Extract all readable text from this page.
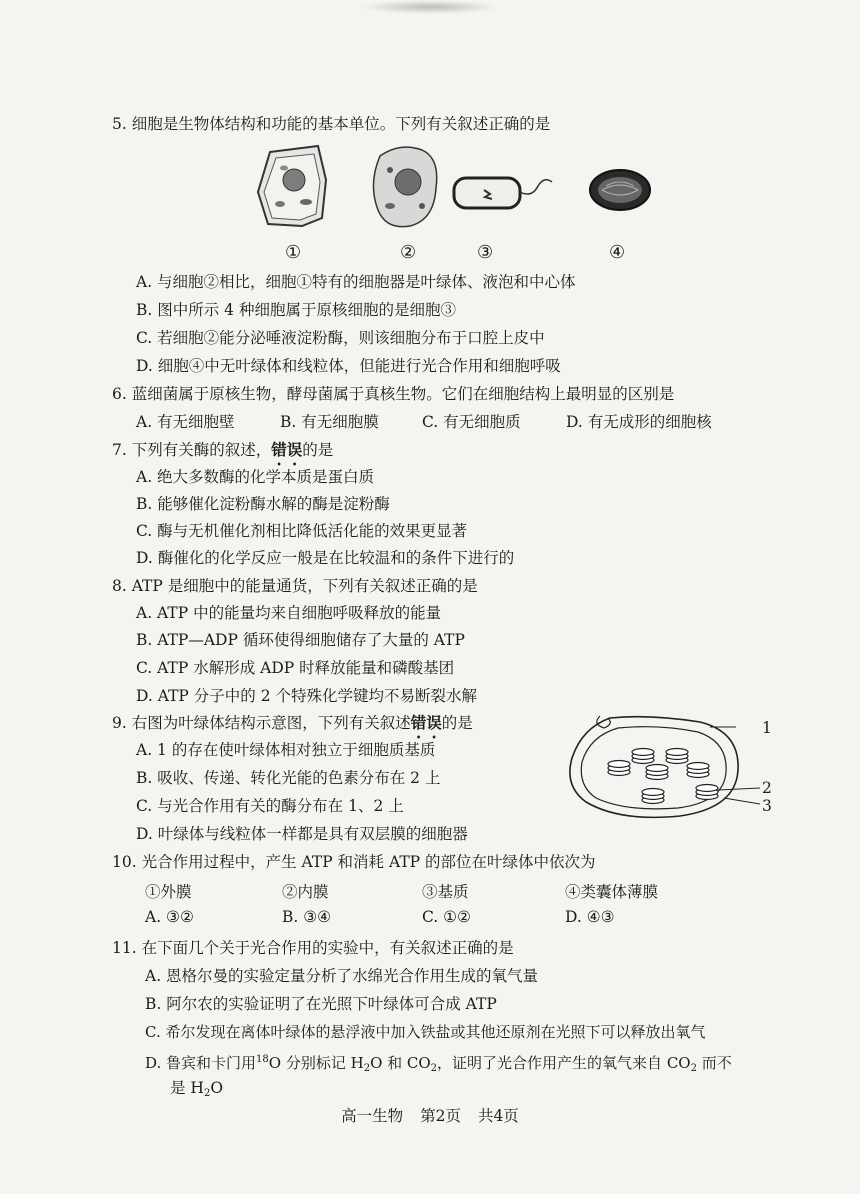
5. 细胞是生物体结构和功能的基本单位。下列有关叙述正确的是
①	②	③	④
A. 与细胞②相比，细胞①特有的细胞器是叶绿体、液泡和中心体
B. 图中所示 4 种细胞属于原核细胞的是细胞③
C. 若细胞②能分泌唾液淀粉酶，则该细胞分布于口腔上皮中
D. 细胞④中无叶绿体和线粒体，但能进行光合作用和细胞呼吸
6. 蓝细菌属于原核生物，酵母菌属于真核生物。它们在细胞结构上最明显的区别是
A. 有无细胞壁	B. 有无细胞膜	C. 有无细胞质	D. 有无成形的细胞核
7. 下列有关酶的叙述，错误的是
A. 绝大多数酶的化学本质是蛋白质
B. 能够催化淀粉酶水解的酶是淀粉酶
C. 酶与无机催化剂相比降低活化能的效果更显著
D. 酶催化的化学反应一般是在比较温和的条件下进行的
8. ATP 是细胞中的能量通货，下列有关叙述正确的是
A. ATP 中的能量均来自细胞呼吸释放的能量
B. ATP—ADP 循环使得细胞储存了大量的 ATP
C. ATP 水解形成 ADP 时释放能量和磷酸基团
D. ATP 分子中的 2 个特殊化学键均不易断裂水解
9. 右图为叶绿体结构示意图，下列有关叙述错误的是
A. 1 的存在使叶绿体相对独立于细胞质基质
B. 吸收、传递、转化光能的色素分布在 2 上
C. 与光合作用有关的酶分布在 1、2 上
D. 叶绿体与线粒体一样都是具有双层膜的细胞器
1
2
3
10. 光合作用过程中，产生 ATP 和消耗 ATP 的部位在叶绿体中依次为
①外膜	②内膜	③基质	④类囊体薄膜
A. ③②	B. ③④	C. ①②	D. ④③
11. 在下面几个关于光合作用的实验中，有关叙述正确的是
A. 恩格尔曼的实验定量分析了水绵光合作用生成的氧气量
B. 阿尔农的实验证明了在光照下叶绿体可合成 ATP
C. 希尔发现在离体叶绿体的悬浮液中加入铁盐或其他还原剂在光照下可以释放出氧气
D. 鲁宾和卡门用$^{18}$O 分别标记 $H_2O$ 和 $CO_2$，证明了光合作用产生的氧气来自 $CO_2$ 而不
是 $H_2O$
高一生物 第2页 共4页
